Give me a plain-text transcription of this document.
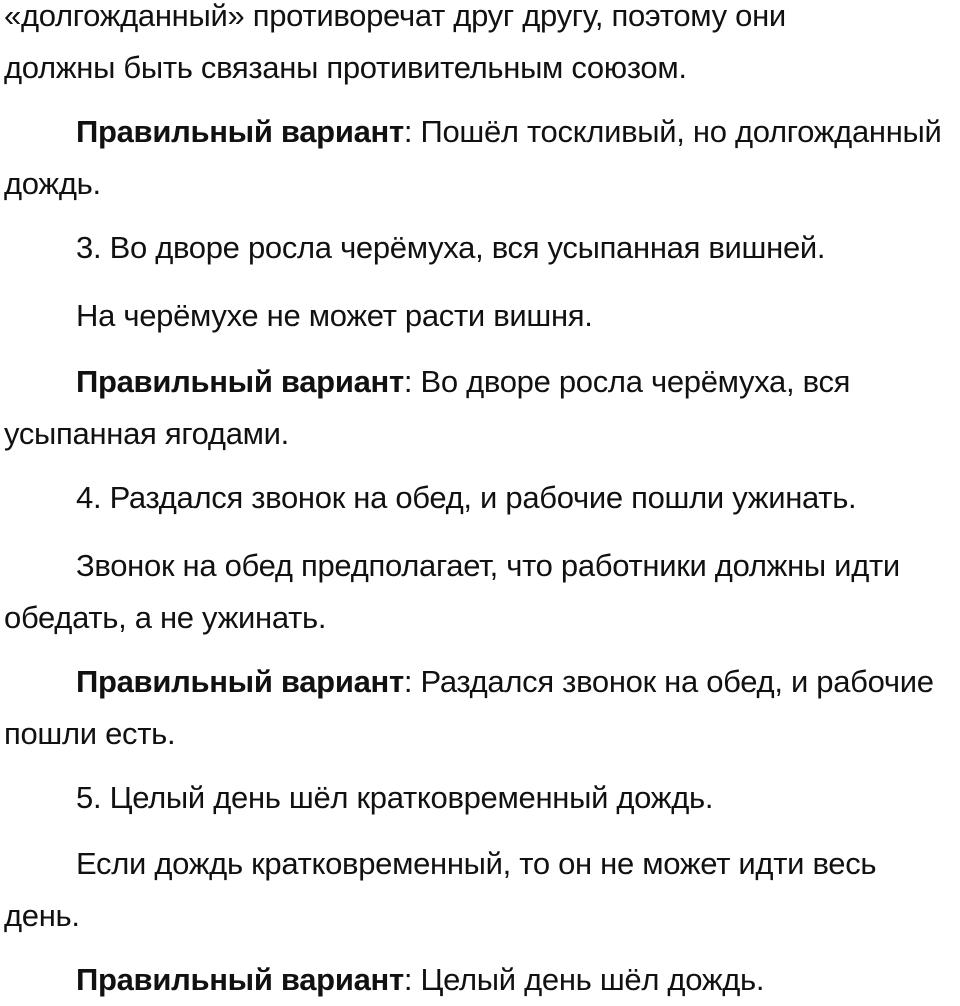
«долгожданный» противоречат друг другу, поэтому они
должны быть связаны противительным союзом.

Правильный вариант: Пошёл тоскливый, но долгожданный дождь.

3. Во дворе росла черёмуха, вся усыпанная вишней.

На черёмухе не может расти вишня.

Правильный вариант: Во дворе росла черёмуха, вся усыпанная ягодами.

4. Раздался звонок на обед, и рабочие пошли ужинать.

Звонок на обед предполагает, что работники должны идти обедать, а не ужинать.

Правильный вариант: Раздался звонок на обед, и рабочие пошли есть.

5. Целый день шёл кратковременный дождь.

Если дождь кратковременный, то он не может идти весь день.

Правильный вариант: Целый день шёл дождь.
